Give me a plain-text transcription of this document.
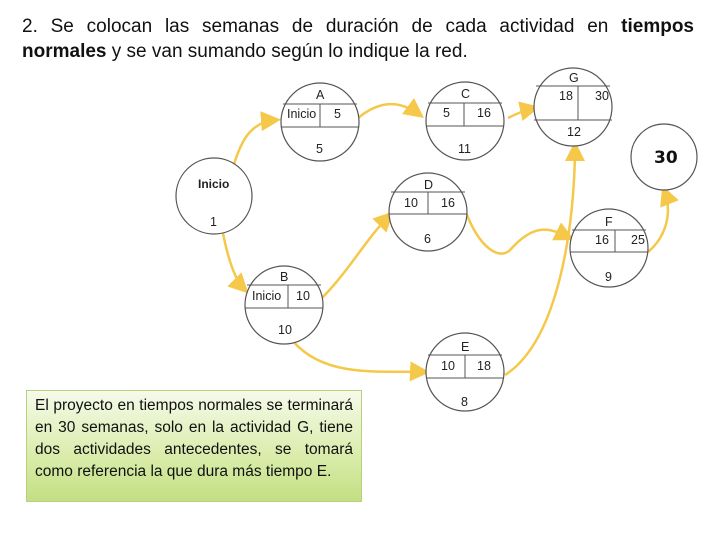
2. Se colocan las semanas de duración de cada actividad en tiempos normales y se van sumando según lo indique la red.
Inicio
1
A
Inicio 5
5
B
Inicio 10
10
C
5 16
11
D
10 16
6
E
10 18
8
F
16 25
9
G
18 30
12
30
El proyecto en tiempos normales se terminará en 30 semanas, solo en la actividad G, tiene dos actividades antecedentes, se tomará como referencia la que dura más tiempo E.
